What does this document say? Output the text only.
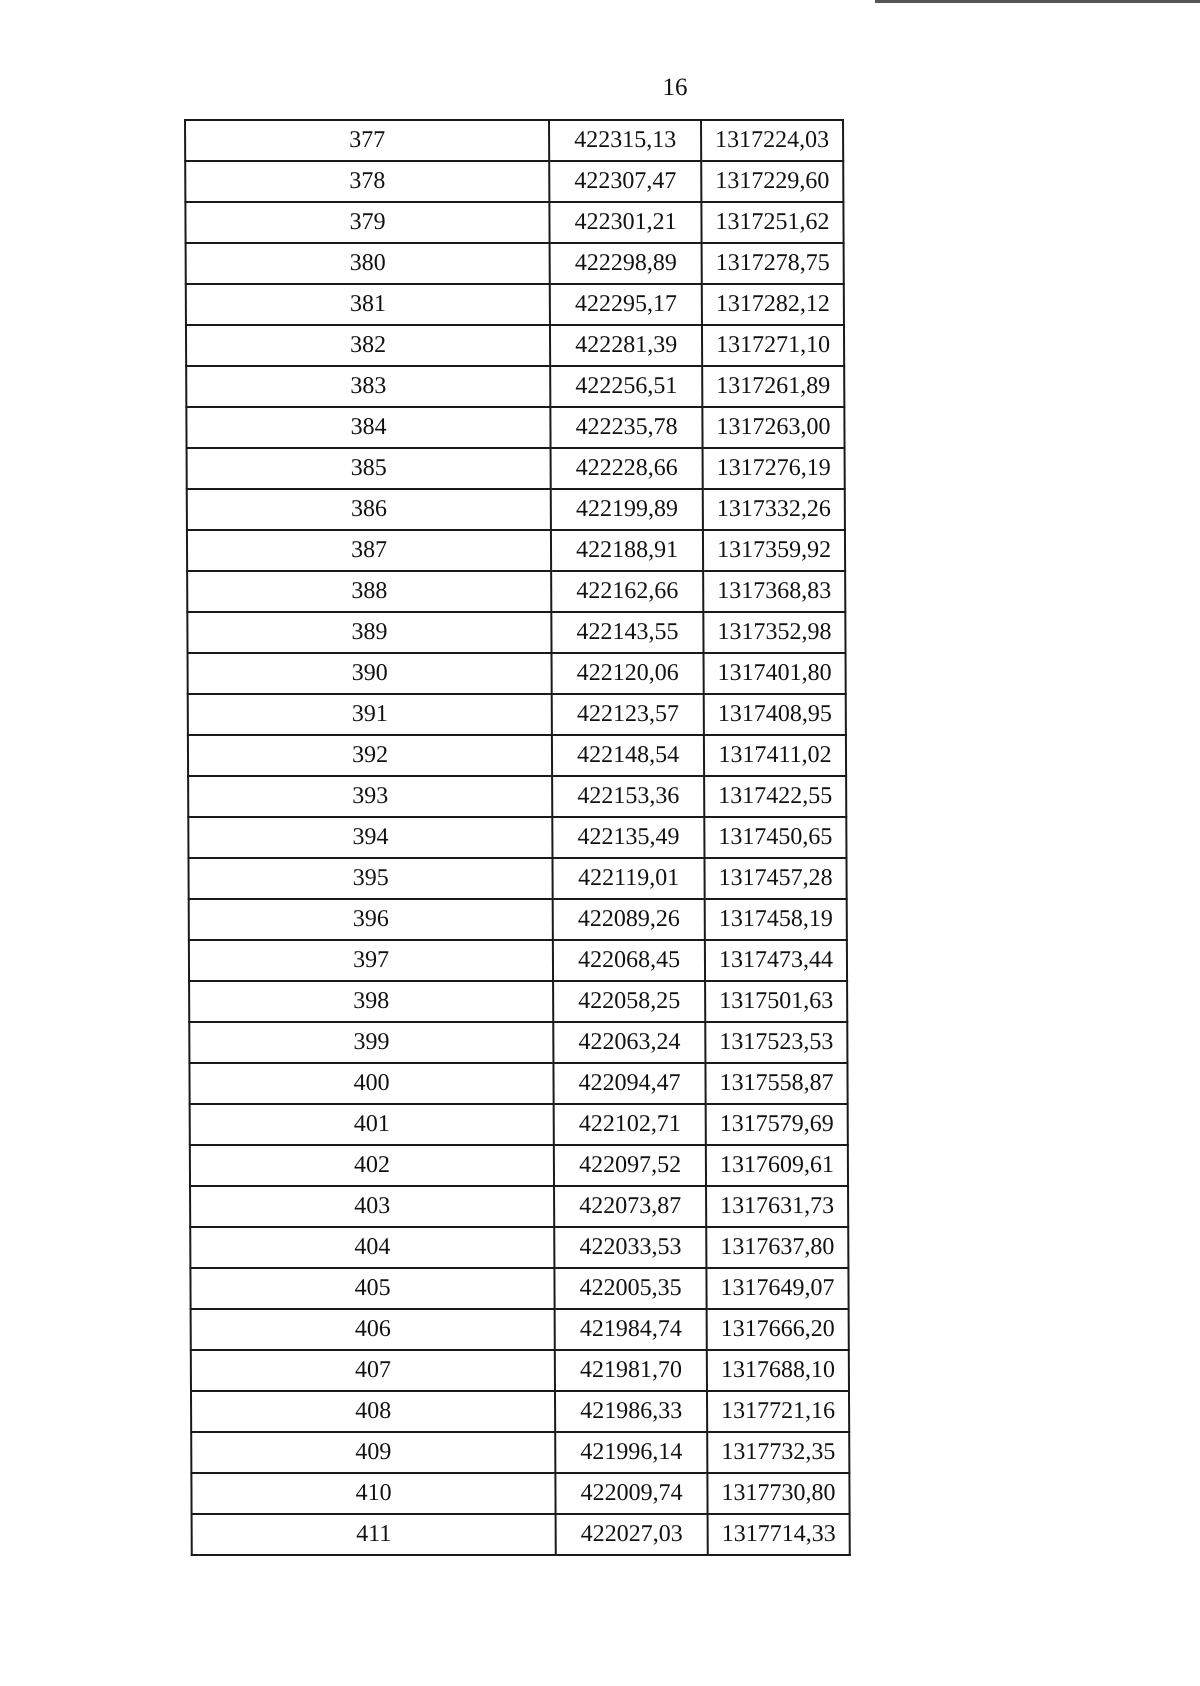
16
377	422315,13	1317224,03
378	422307,47	1317229,60
379	422301,21	1317251,62
380	422298,89	1317278,75
381	422295,17	1317282,12
382	422281,39	1317271,10
383	422256,51	1317261,89
384	422235,78	1317263,00
385	422228,66	1317276,19
386	422199,89	1317332,26
387	422188,91	1317359,92
388	422162,66	1317368,83
389	422143,55	1317352,98
390	422120,06	1317401,80
391	422123,57	1317408,95
392	422148,54	1317411,02
393	422153,36	1317422,55
394	422135,49	1317450,65
395	422119,01	1317457,28
396	422089,26	1317458,19
397	422068,45	1317473,44
398	422058,25	1317501,63
399	422063,24	1317523,53
400	422094,47	1317558,87
401	422102,71	1317579,69
402	422097,52	1317609,61
403	422073,87	1317631,73
404	422033,53	1317637,80
405	422005,35	1317649,07
406	421984,74	1317666,20
407	421981,70	1317688,10
408	421986,33	1317721,16
409	421996,14	1317732,35
410	422009,74	1317730,80
411	422027,03	1317714,33
